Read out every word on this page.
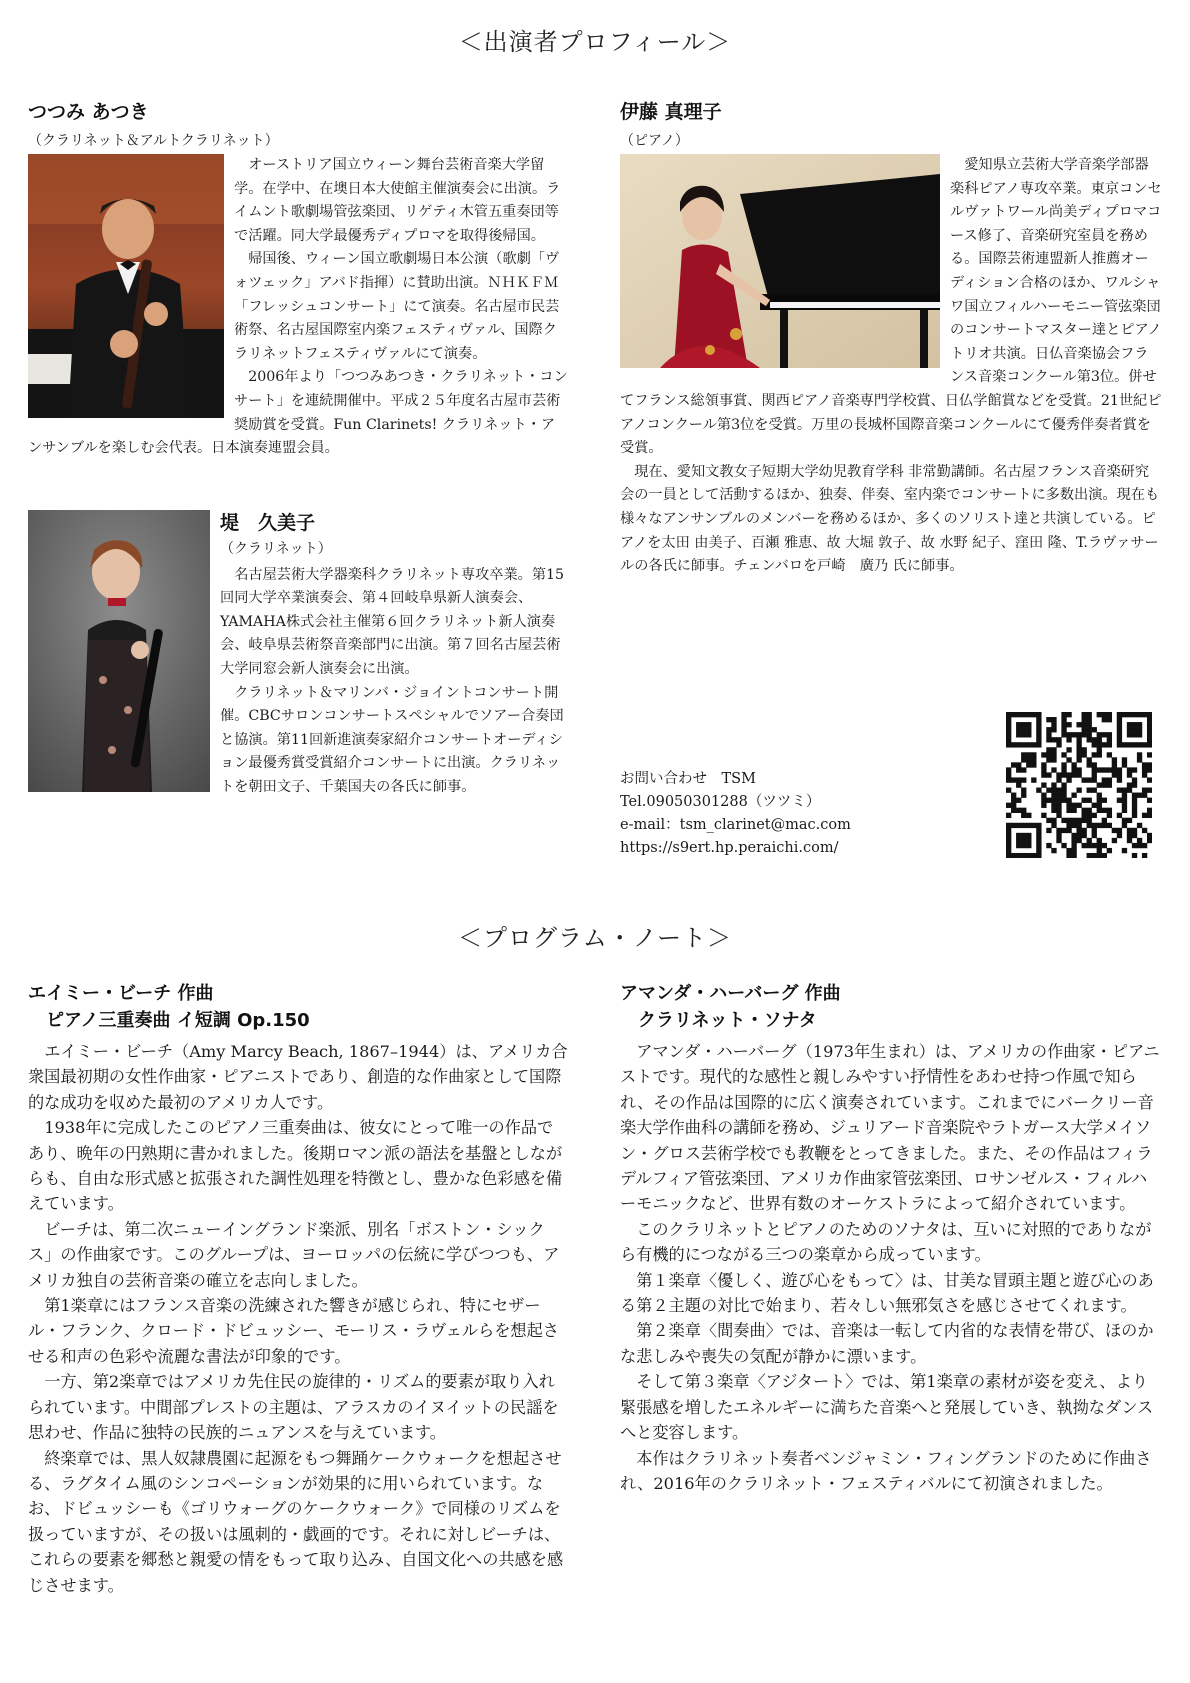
＜出演者プロフィール＞
＜プログラム・ノート＞
つつみ あつき
（クラリネット＆アルトクラリネット）

オーストリア国立ウィーン舞台芸術音楽大学留学。在学中、在墺日本大使館主催演奏会に出演。ライムント歌劇場管弦楽団、リゲティ木管五重奏団等で活躍。同大学最優秀ディプロマを取得後帰国。

帰国後、ウィーン国立歌劇場日本公演（歌劇「ヴォツェック」アバド指揮）に賛助出演。ＮＨＫＦＭ「フレッシュコンサート」にて演奏。名古屋市民芸術祭、名古屋国際室内楽フェスティヴァル、国際クラリネットフェスティヴァルにて演奏。

2006年より「つつみあつき・クラリネット・コンサート」を連続開催中。平成２５年度名古屋市芸術奨励賞を受賞。Fun Clarinets! クラリネット・アンサンブルを楽しむ会代表。日本演奏連盟会員。

堤　久美子
（クラリネット）

名古屋芸術大学器楽科クラリネット専攻卒業。第15回同大学卒業演奏会、第４回岐阜県新人演奏会、YAMAHA株式会社主催第６回クラリネット新人演奏会、岐阜県芸術祭音楽部門に出演。第７回名古屋芸術大学同窓会新人演奏会に出演。

クラリネット＆マリンバ・ジョイントコンサート開催。CBCサロンコンサートスペシャルでソアー合奏団と協演。第11回新進演奏家紹介コンサートオーディション最優秀賞受賞紹介コンサートに出演。クラリネットを朝田文子、千葉国夫の各氏に師事。

伊藤 真理子
（ピアノ）

愛知県立芸術大学音楽学部器楽科ピアノ専攻卒業。東京コンセルヴァトワール尚美ディプロマコース修了、音楽研究室員を務める。国際芸術連盟新人推薦オーディション合格のほか、ワルシャワ国立フィルハーモニー管弦楽団のコンサートマスター達とピアノトリオ共演。日仏音楽協会フランス音楽コンクール第3位。併せてフランス総領事賞、関西ピアノ音楽専門学校賞、日仏学館賞などを受賞。21世紀ピアノコンクール第3位を受賞。万里の長城杯国際音楽コンクールにて優秀伴奏者賞を受賞。

現在、愛知文教女子短期大学幼児教育学科 非常勤講師。名古屋フランス音楽研究会の一員として活動するほか、独奏、伴奏、室内楽でコンサートに多数出演。現在も様々なアンサンブルのメンバーを務めるほか、多くのソリスト達と共演している。ピアノを太田 由美子、百瀬 雅恵、故 大堀 敦子、故 水野 紀子、窪田 隆、T.ラヴァサールの各氏に師事。チェンバロを戸崎　廣乃 氏に師事。

お問い合わせ　TSM
Tel.09050301288（ツツミ）
e-mail：tsm_clarinet@mac.com
https://s9ert.hp.peraichi.com/
エイミー・ビーチ 作曲
ピアノ三重奏曲 イ短調 Op.150

エイミー・ビーチ（Amy Marcy Beach, 1867–1944）は、アメリカ合衆国最初期の女性作曲家・ピアニストであり、創造的な作曲家として国際的な成功を収めた最初のアメリカ人です。

1938年に完成したこのピアノ三重奏曲は、彼女にとって唯一の作品であり、晩年の円熟期に書かれました。後期ロマン派の語法を基盤としながらも、自由な形式感と拡張された調性処理を特徴とし、豊かな色彩感を備えています。

ビーチは、第二次ニューイングランド楽派、別名「ボストン・シックス」の作曲家です。このグループは、ヨーロッパの伝統に学びつつも、アメリカ独自の芸術音楽の確立を志向しました。

第1楽章にはフランス音楽の洗練された響きが感じられ、特にセザール・フランク、クロード・ドビュッシー、モーリス・ラヴェルらを想起させる和声の色彩や流麗な書法が印象的です。

一方、第2楽章ではアメリカ先住民の旋律的・リズム的要素が取り入れられています。中間部プレストの主題は、アラスカのイヌイットの民謡を思わせ、作品に独特の民族的ニュアンスを与えています。

終楽章では、黒人奴隷農園に起源をもつ舞踊ケークウォークを想起させる、ラグタイム風のシンコペーションが効果的に用いられています。なお、ドビュッシーも《ゴリウォーグのケークウォーク》で同様のリズムを扱っていますが、その扱いは風刺的・戯画的です。それに対しビーチは、これらの要素を郷愁と親愛の情をもって取り込み、自国文化への共感を感じさせます。

アマンダ・ハーバーグ 作曲
クラリネット・ソナタ

アマンダ・ハーバーグ（1973年生まれ）は、アメリカの作曲家・ピアニストです。現代的な感性と親しみやすい抒情性をあわせ持つ作風で知られ、その作品は国際的に広く演奏されています。これまでにバークリー音楽大学作曲科の講師を務め、ジュリアード音楽院やラトガース大学メイソン・グロス芸術学校でも教鞭をとってきました。また、その作品はフィラデルフィア管弦楽団、アメリカ作曲家管弦楽団、ロサンゼルス・フィルハーモニックなど、世界有数のオーケストラによって紹介されています。

このクラリネットとピアノのためのソナタは、互いに対照的でありながら有機的につながる三つの楽章から成っています。

第１楽章〈優しく、遊び心をもって〉は、甘美な冒頭主題と遊び心のある第２主題の対比で始まり、若々しい無邪気さを感じさせてくれます。

第２楽章〈間奏曲〉では、音楽は一転して内省的な表情を帯び、ほのかな悲しみや喪失の気配が静かに漂います。

そして第３楽章〈アジタート〉では、第1楽章の素材が姿を変え、より緊張感を増したエネルギーに満ちた音楽へと発展していき、執拗なダンスへと変容します。

本作はクラリネット奏者ベンジャミン・フィングランドのために作曲され、2016年のクラリネット・フェスティバルにて初演されました。
